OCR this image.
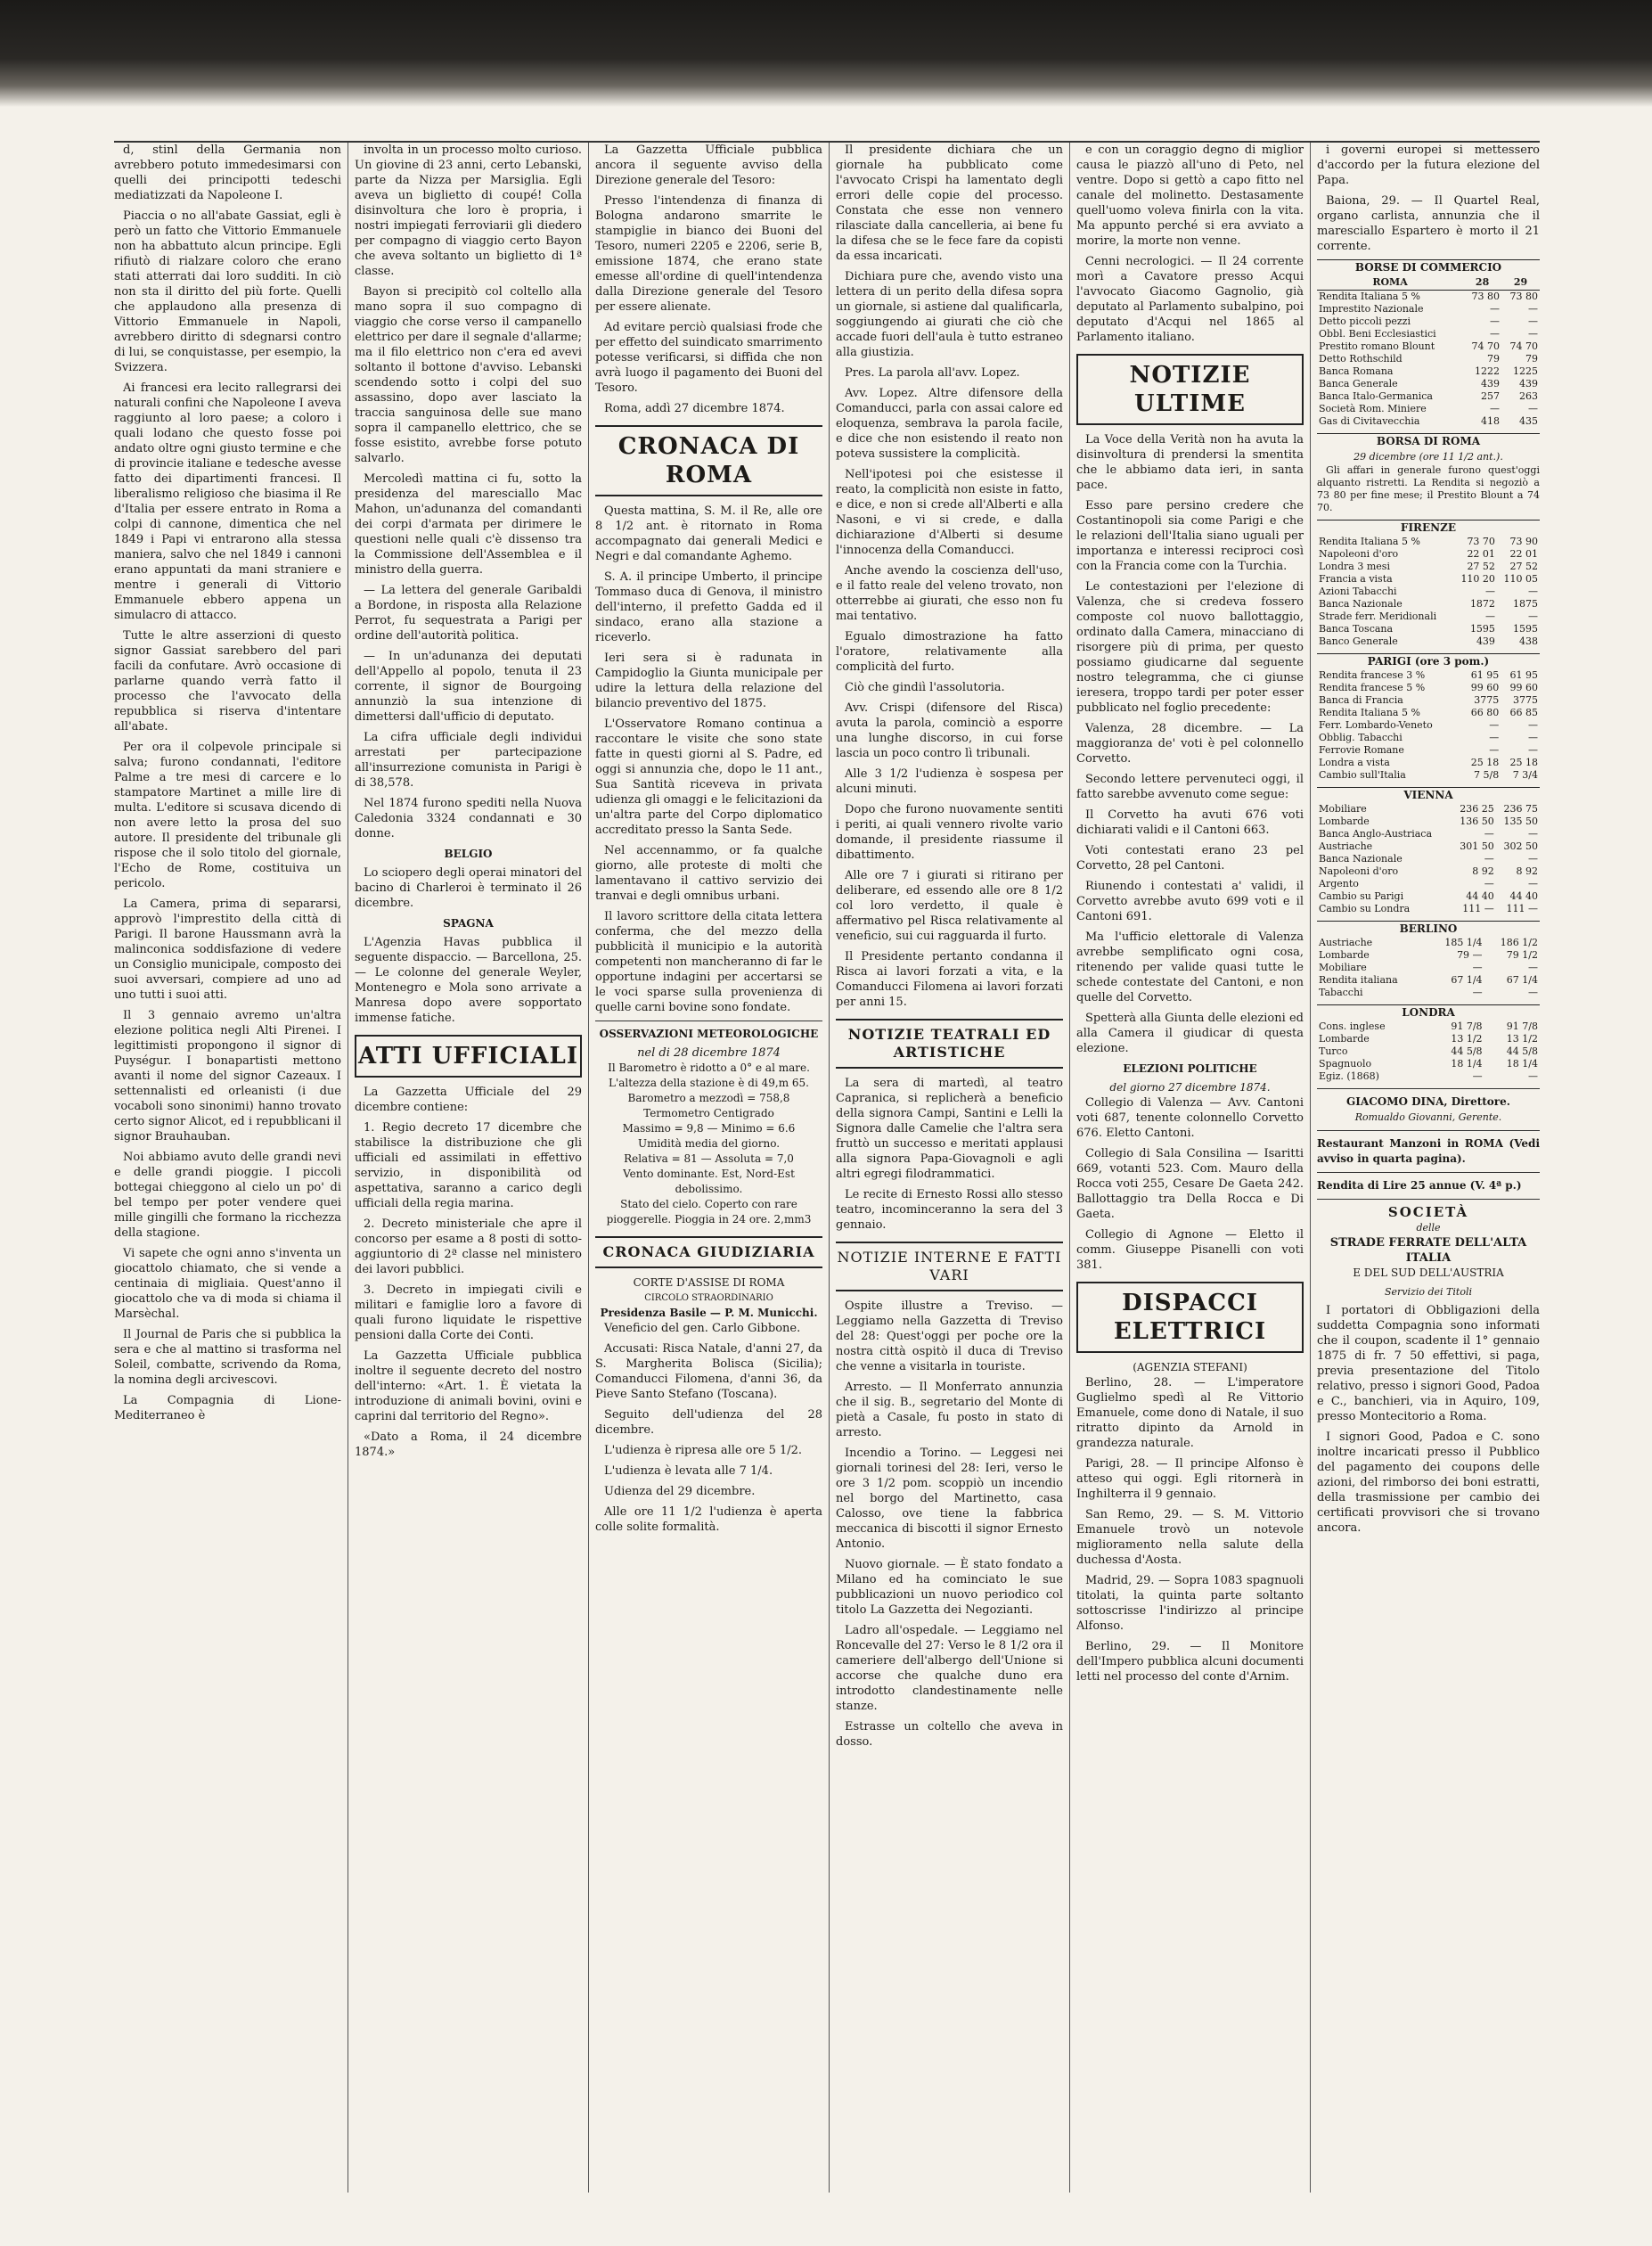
d, stinl della Germania non avrebbero potuto immedesimarsi con quelli dei principotti tedeschi mediatizzati da Napoleone I.

Piaccia o no all'abate Gassiat, egli è però un fatto che Vittorio Emmanuele non ha abbattuto alcun principe. Egli rifiutò di rialzare coloro che erano stati atterrati dai loro sudditi. In ciò non sta il diritto del più forte. Quelli che applaudono alla presenza di Vittorio Emmanuele in Napoli, avrebbero diritto di sdegnarsi contro di lui, se conquistasse, per esempio, la Svizzera.

Ai francesi era lecito rallegrarsi dei naturali confini che Napoleone I aveva raggiunto al loro paese; a coloro i quali lodano che questo fosse poi andato oltre ogni giusto termine e che di provincie italiane e tedesche avesse fatto dei dipartimenti francesi. Il liberalismo religioso che biasima il Re d'Italia per essere entrato in Roma a colpi di cannone, dimentica che nel 1849 i Papi vi entrarono alla stessa maniera, salvo che nel 1849 i cannoni erano appuntati da mani straniere e mentre i generali di Vittorio Emmanuele ebbero appena un simulacro di attacco.

Tutte le altre asserzioni di questo signor Gassiat sarebbero del pari facili da confutare. Avrò occasione di parlarne quando verrà fatto il processo che l'avvocato della repubblica si riserva d'intentare all'abate.

Per ora il colpevole principale si salva; furono condannati, l'editore Palme a tre mesi di carcere e lo stampatore Martinet a mille lire di multa. L'editore si scusava dicendo di non avere letto la prosa del suo autore. Il presidente del tribunale gli rispose che il solo titolo del giornale, l'Echo de Rome, costituiva un pericolo.

La Camera, prima di separarsi, approvò l'imprestito della città di Parigi. Il barone Haussmann avrà la malinconica soddisfazione di vedere un Consiglio municipale, composto dei suoi avversari, compiere ad uno ad uno tutti i suoi atti.

Il 3 gennaio avremo un'altra elezione politica negli Alti Pirenei. I legittimisti propongono il signor di Puységur. I bonapartisti mettono avanti il nome del signor Cazeaux. I settennalisti ed orleanisti (i due vocaboli sono sinonimi) hanno trovato certo signor Alicot, ed i repubblicani il signor Brauhauban.

Noi abbiamo avuto delle grandi nevi e delle grandi pioggie. I piccoli bottegai chieggono al cielo un po' di bel tempo per poter vendere quei mille gingilli che formano la ricchezza della stagione.

Vi sapete che ogni anno s'inventa un giocattolo chiamato, che si vende a centinaia di migliaia. Quest'anno il giocattolo che va di moda si chiama il Marsèchal.

Il Journal de Paris che si pubblica la sera e che al mattino si trasforma nel Soleil, combatte, scrivendo da Roma, la nomina degli arcivescovi.

La Compagnia di Lione-Mediterraneo è

involta in un processo molto curioso. Un giovine di 23 anni, certo Lebanski, parte da Nizza per Marsiglia. Egli aveva un biglietto di coupé! Colla disinvoltura che loro è propria, i nostri impiegati ferroviarii gli diedero per compagno di viaggio certo Bayon che aveva soltanto un biglietto di 1ª classe.

Bayon si precipitò col coltello alla mano sopra il suo compagno di viaggio che corse verso il campanello elettrico per dare il segnale d'allarme; ma il filo elettrico non c'era ed avevi soltanto il bottone d'avviso. Lebanski scendendo sotto i colpi del suo assassino, dopo aver lasciato la traccia sanguinosa delle sue mano sopra il campanello elettrico, che se fosse esistito, avrebbe forse potuto salvarlo.

Mercoledì mattina ci fu, sotto la presidenza del maresciallo Mac Mahon, un'adunanza del comandanti dei corpi d'armata per dirimere le questioni nelle quali c'è dissenso tra la Commissione dell'Assemblea e il ministro della guerra.

— La lettera del generale Garibaldi a Bordone, in risposta alla Relazione Perrot, fu sequestrata a Parigi per ordine dell'autorità politica.

— In un'adunanza dei deputati dell'Appello al popolo, tenuta il 23 corrente, il signor de Bourgoing annunziò la sua intenzione di dimettersi dall'ufficio di deputato.

La cifra ufficiale degli individui arrestati per partecipazione all'insurrezione comunista in Parigi è di 38,578.

Nel 1874 furono spediti nella Nuova Caledonia 3324 condannati e 30 donne.

BELGIO

Lo sciopero degli operai minatori del bacino di Charleroi è terminato il 26 dicembre.

SPAGNA

L'Agenzia Havas pubblica il seguente dispaccio. — Barcellona, 25. — Le colonne del generale Weyler, Montenegro e Mola sono arrivate a Manresa dopo avere sopportato immense fatiche.

ATTI UFFICIALI

La Gazzetta Ufficiale del 29 dicembre contiene:

1. Regio decreto 17 dicembre che stabilisce la distribuzione che gli ufficiali ed assimilati in effettivo servizio, in disponibilità od aspettativa, saranno a carico degli ufficiali della regia marina.

2. Decreto ministeriale che apre il concorso per esame a 8 posti di sotto-aggiuntorio di 2ª classe nel ministero dei lavori pubblici.

3. Decreto in impiegati civili e militari e famiglie loro a favore di quali furono liquidate le rispettive pensioni dalla Corte dei Conti.

La Gazzetta Ufficiale pubblica inoltre il seguente decreto del nostro dell'interno: «Art. 1. È vietata la introduzione di animali bovini, ovini e caprini dal territorio del Regno».

«Dato a Roma, il 24 dicembre 1874.»

La Gazzetta Ufficiale pubblica ancora il seguente avviso della Direzione generale del Tesoro:

Presso l'intendenza di finanza di Bologna andarono smarrite le stampiglie in bianco dei Buoni del Tesoro, numeri 2205 e 2206, serie B, emissione 1874, che erano state emesse all'ordine di quell'intendenza dalla Direzione generale del Tesoro per essere alienate.

Ad evitare perciò qualsiasi frode che per effetto del suindicato smarrimento potesse verificarsi, si diffida che non avrà luogo il pagamento dei Buoni del Tesoro.

Roma, addì 27 dicembre 1874.

CRONACA DI ROMA

Questa mattina, S. M. il Re, alle ore 8 1/2 ant. è ritornato in Roma accompagnato dai generali Medici e Negri e dal comandante Aghemo.

S. A. il principe Umberto, il principe Tommaso duca di Genova, il ministro dell'interno, il prefetto Gadda ed il sindaco, erano alla stazione a riceverlo.

Ieri sera si è radunata in Campidoglio la Giunta municipale per udire la lettura della relazione del bilancio preventivo del 1875.

L'Osservatore Romano continua a raccontare le visite che sono state fatte in questi giorni al S. Padre, ed oggi si annunzia che, dopo le 11 ant., Sua Santità riceveva in privata udienza gli omaggi e le felicitazioni da un'altra parte del Corpo diplomatico accreditato presso la Santa Sede.

Nel accennammo, or fa qualche giorno, alle proteste di molti che lamentavano il cattivo servizio dei tranvai e degli omnibus urbani.

Il lavoro scrittore della citata lettera conferma, che del mezzo della pubblicità il municipio e la autorità competenti non mancheranno di far le opportune indagini per accertarsi se le voci sparse sulla provenienza di quelle carni bovine sono fondate.

OSSERVAZIONI METEOROLOGICHE
nel di 28 dicembre 1874
Il Barometro è ridotto a 0° e al mare. L'altezza della stazione è di 49,m 65.
Barometro a mezzodì = 758,8
Termometro Centigrado
Massimo = 9,8 — Minimo = 6.6
Umidità media del giorno.
Relativa = 81 — Assoluta = 7,0
Vento dominante. Est, Nord-Est debolissimo.
Stato del cielo. Coperto con rare pioggerelle. Pioggia in 24 ore. 2,mm3
CRONACA GIUDIZIARIA
CORTE D'ASSISE DI ROMA
CIRCOLO STRAORDINARIO
Presidenza Basile — P. M. Municchi.

Veneficio del gen. Carlo Gibbone.

Accusati: Risca Natale, d'anni 27, da S. Margherita Bolisca (Sicilia); Comanducci Filomena, d'anni 36, da Pieve Santo Stefano (Toscana).

Seguito dell'udienza del 28 dicembre.

L'udienza è ripresa alle ore 5 1/2.

L'udienza è levata alle 7 1/4.

Udienza del 29 dicembre.

Alle ore 11 1/2 l'udienza è aperta colle solite formalità.

Il presidente dichiara che un giornale ha pubblicato come l'avvocato Crispi ha lamentato degli errori delle copie del processo. Constata che esse non vennero rilasciate dalla cancelleria, ai bene fu la difesa che se le fece fare da copisti da essa incaricati.

Dichiara pure che, avendo visto una lettera di un perito della difesa sopra un giornale, si astiene dal qualificarla, soggiungendo ai giurati che ciò che accade fuori dell'aula è tutto estraneo alla giustizia.

Pres. La parola all'avv. Lopez.

Avv. Lopez. Altre difensore della Comanducci, parla con assai calore ed eloquenza, sembrava la parola facile, e dice che non esistendo il reato non poteva sussistere la complicità.

Nell'ipotesi poi che esistesse il reato, la complicità non esiste in fatto, e dice, e non si crede all'Alberti e alla Nasoni, e vi si crede, e dalla dichiarazione d'Alberti si desume l'innocenza della Comanducci.

Anche avendo la coscienza dell'uso, e il fatto reale del veleno trovato, non otterrebbe ai giurati, che esso non fu mai tentativo.

Egualo dimostrazione ha fatto l'oratore, relativamente alla complicità del furto.

Ciò che gindiì l'assolutoria.

Avv. Crispi (difensore del Risca) avuta la parola, cominciò a esporre una lunghe discorso, in cui forse lascia un poco contro lì tribunali.

Alle 3 1/2 l'udienza è sospesa per alcuni minuti.

Dopo che furono nuovamente sentiti i periti, ai quali vennero rivolte vario domande, il presidente riassume il dibattimento.

Alle ore 7 i giurati si ritirano per deliberare, ed essendo alle ore 8 1/2 col loro verdetto, il quale è affermativo pel Risca relativamente al veneficio, sui cui ragguarda il furto.

Il Presidente pertanto condanna il Risca ai lavori forzati a vita, e la Comanducci Filomena ai lavori forzati per anni 15.

NOTIZIE TEATRALI ED ARTISTICHE

La sera di martedì, al teatro Capranica, si replicherà a beneficio della signora Campi, Santini e Lelli la Signora dalle Camelie che l'altra sera fruttò un successo e meritati applausi alla signora Papa-Giovagnoli e agli altri egregi filodrammatici.

Le recite di Ernesto Rossi allo stesso teatro, incominceranno la sera del 3 gennaio.

NOTIZIE INTERNE E FATTI VARI

Ospite illustre a Treviso. — Leggiamo nella Gazzetta di Treviso del 28: Quest'oggi per poche ore la nostra città ospitò il duca di Treviso che venne a visitarla in touriste.

Arresto. — Il Monferrato annunzia che il sig. B., segretario del Monte di pietà a Casale, fu posto in stato di arresto.

Incendio a Torino. — Leggesi nei giornali torinesi del 28: Ieri, verso le ore 3 1/2 pom. scoppiò un incendio nel borgo del Martinetto, casa Calosso, ove tiene la fabbrica meccanica di biscotti il signor Ernesto Antonio.

Nuovo giornale. — È stato fondato a Milano ed ha cominciato le sue pubblicazioni un nuovo periodico col titolo La Gazzetta dei Negozianti.

Ladro all'ospedale. — Leggiamo nel Roncevalle del 27: Verso le 8 1/2 ora il cameriere dell'albergo dell'Unione si accorse che qualche duno era introdotto clandestinamente nelle stanze.

Estrasse un coltello che aveva in dosso.

e con un coraggio degno di miglior causa le piazzò all'uno di Peto, nel ventre. Dopo si gettò a capo fitto nel canale del molinetto. Destasamente quell'uomo voleva finirla con la vita. Ma appunto perché si era avviato a morire, la morte non venne.

Cenni necrologici. — Il 24 corrente morì a Cavatore presso Acqui l'avvocato Giacomo Gagnolio, già deputato al Parlamento subalpino, poi deputato d'Acqui nel 1865 al Parlamento italiano.

NOTIZIE ULTIME

La Voce della Verità non ha avuta la disinvoltura di prendersi la smentita che le abbiamo data ieri, in santa pace.

Esso pare persino credere che Costantinopoli sia come Parigi e che le relazioni dell'Italia siano uguali per importanza e interessi reciproci così con la Francia come con la Turchia.

Le contestazioni per l'elezione di Valenza, che si credeva fossero composte col nuovo ballottaggio, ordinato dalla Camera, minacciano di risorgere più di prima, per questo possiamo giudicarne dal seguente nostro telegramma, che ci giunse ieresera, troppo tardi per poter esser pubblicato nel foglio precedente:

Valenza, 28 dicembre. — La maggioranza de' voti è pel colonnello Corvetto.

Secondo lettere pervenuteci oggi, il fatto sarebbe avvenuto come segue:

Il Corvetto ha avuti 676 voti dichiarati validi e il Cantoni 663.

Voti contestati erano 23 pel Corvetto, 28 pel Cantoni.

Riunendo i contestati a' validi, il Corvetto avrebbe avuto 699 voti e il Cantoni 691.

Ma l'ufficio elettorale di Valenza avrebbe semplificato ogni cosa, ritenendo per valide quasi tutte le schede contestate del Cantoni, e non quelle del Corvetto.

Spetterà alla Giunta delle elezioni ed alla Camera il giudicar di questa elezione.

ELEZIONI POLITICHE
del giorno 27 dicembre 1874.

Collegio di Valenza — Avv. Cantoni voti 687, tenente colonnello Corvetto 676. Eletto Cantoni.

Collegio di Sala Consilina — Isaritti 669, votanti 523. Com. Mauro della Rocca voti 255, Cesare De Gaeta 242. Ballottaggio tra Della Rocca e Di Gaeta.

Collegio di Agnone — Eletto il comm. Giuseppe Pisanelli con voti 381.

DISPACCI ELETTRICI
(AGENZIA STEFANI)

Berlino, 28. — L'imperatore Guglielmo spedì al Re Vittorio Emanuele, come dono di Natale, il suo ritratto dipinto da Arnold in grandezza naturale.

Parigi, 28. — Il principe Alfonso è atteso qui oggi. Egli ritornerà in Inghilterra il 9 gennaio.

San Remo, 29. — S. M. Vittorio Emanuele trovò un notevole miglioramento nella salute della duchessa d'Aosta.

Madrid, 29. — Sopra 1083 spagnuoli titolati, la quinta parte soltanto sottoscrisse l'indirizzo al principe Alfonso.

Berlino, 29. — Il Monitore dell'Impero pubblica alcuni documenti letti nel processo del conte d'Arnim.

i governi europei si mettessero d'accordo per la futura elezione del Papa.

Baiona, 29. — Il Quartel Real, organo carlista, annunzia che il maresciallo Espartero è morto il 21 corrente.

BORSE DI COMMERCIO
ROMA	28	29
Rendita Italiana 5 %	73 80	73 80
Imprestito Nazionale	—	—
Detto piccoli pezzi	—	—
Obbl. Beni Ecclesiastici	—	—
Prestito romano Blount	74 70	74 70
Detto Rothschild	79	79
Banca Romana	1222	1225
Banca Generale	439	439
Banca Italo-Germanica	257	263
Società Rom. Miniere	—	—
Gas di Civitavecchia	418	435
BORSA DI ROMA
29 dicembre (ore 11 1/2 ant.).

Gli affari in generale furono quest'oggi alquanto ristretti. La Rendita si negoziò a 73 80 per fine mese; il Prestito Blount a 74 70.

FIRENZE
Rendita Italiana 5 %	73 70	73 90
Napoleoni d'oro	22 01	22 01
Londra 3 mesi	27 52	27 52
Francia a vista	110 20	110 05
Azioni Tabacchi	—	—
Banca Nazionale	1872	1875
Strade ferr. Meridionali	—	—
Banca Toscana	1595	1595
Banco Generale	439	438
PARIGI (ore 3 pom.)
Rendita francese 3 %	61 95	61 95
Rendita francese 5 %	99 60	99 60
Banca di Francia	3775	3775
Rendita Italiana 5 %	66 80	66 85
Ferr. Lombardo-Veneto	—	—
Obblig. Tabacchi	—	—
Ferrovie Romane	—	—
Londra a vista	25 18	25 18
Cambio sull'Italia	7 5/8	7 3/4
VIENNA
Mobiliare	236 25	236 75
Lombarde	136 50	135 50
Banca Anglo-Austriaca	—	—
Austriache	301 50	302 50
Banca Nazionale	—	—
Napoleoni d'oro	8 92	8 92
Argento	—	—
Cambio su Parigi	44 40	44 40
Cambio su Londra	111 —	111 —
BERLINO
Austriache	185 1/4	186 1/2
Lombarde	79 —	79 1/2
Mobiliare	—	—
Rendita italiana	67 1/4	67 1/4
Tabacchi	—	—
LONDRA
Cons. inglese	91 7/8	91 7/8
Lombarde	13 1/2	13 1/2
Turco	44 5/8	44 5/8
Spagnuolo	18 1/4	18 1/4
Egiz. (1868)	—	—
GIACOMO DINA, Direttore.
Romualdo Giovanni, Gerente.
Restaurant Manzoni in ROMA (Vedi avviso in quarta pagina).
Rendita di Lire 25 annue (V. 4ª p.)
SOCIETÀ
delle
STRADE FERRATE DELL'ALTA ITALIA
E DEL SUD DELL'AUSTRIA
Servizio dei Titoli

I portatori di Obbligazioni della suddetta Compagnia sono informati che il coupon, scadente il 1° gennaio 1875 di fr. 7 50 effettivi, si paga, previa presentazione del Titolo relativo, presso i signori Good, Padoa e C., banchieri, via in Aquiro, 109, presso Montecitorio a Roma.

I signori Good, Padoa e C. sono inoltre incaricati presso il Pubblico del pagamento dei coupons delle azioni, del rimborso dei boni estratti, della trasmissione per cambio dei certificati provvisori che si trovano ancora.
